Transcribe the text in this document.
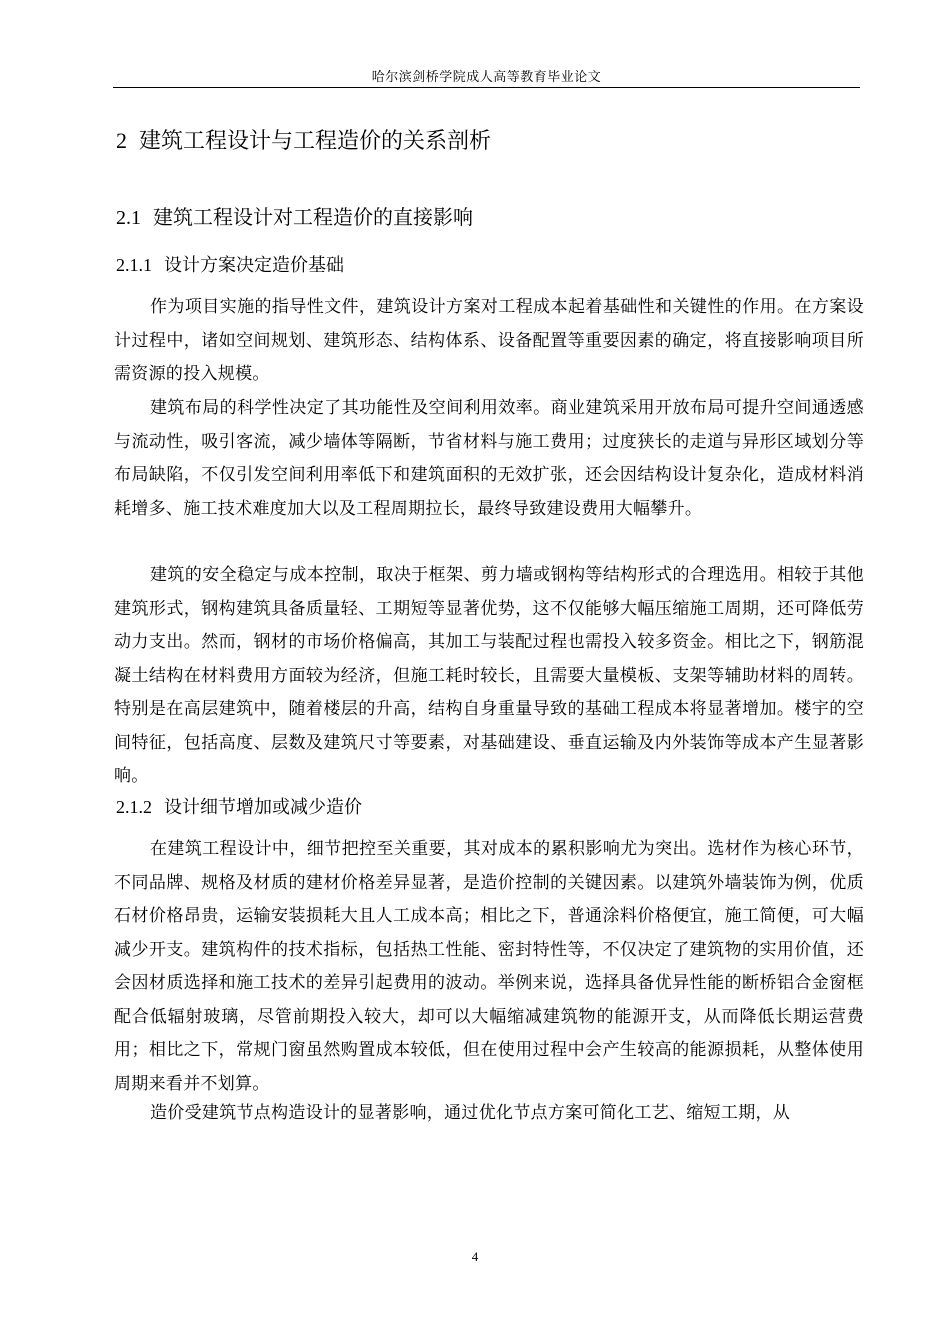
哈尔滨剑桥学院成人高等教育毕业论文
2 建筑工程设计与工程造价的关系剖析
2.1 建筑工程设计对工程造价的直接影响
2.1.1 设计方案决定造价基础

作为项目实施的指导性文件，建筑设计方案对工程成本起着基础性和关键性的作用。在方案设计过程中，诸如空间规划、建筑形态、结构体系、设备配置等重要因素的确定，将直接影响项目所需资源的投入规模。

建筑布局的科学性决定了其功能性及空间利用效率。商业建筑采用开放布局可提升空间通透感与流动性，吸引客流，减少墙体等隔断，节省材料与施工费用；过度狭长的走道与异形区域划分等布局缺陷，不仅引发空间利用率低下和建筑面积的无效扩张，还会因结构设计复杂化，造成材料消耗增多、施工技术难度加大以及工程周期拉长，最终导致建设费用大幅攀升。

建筑的安全稳定与成本控制，取决于框架、剪力墙或钢构等结构形式的合理选用。相较于其他建筑形式，钢构建筑具备质量轻、工期短等显著优势，这不仅能够大幅压缩施工周期，还可降低劳动力支出。然而，钢材的市场价格偏高，其加工与装配过程也需投入较多资金。相比之下，钢筋混凝土结构在材料费用方面较为经济，但施工耗时较长，且需要大量模板、支架等辅助材料的周转。特别是在高层建筑中，随着楼层的升高，结构自身重量导致的基础工程成本将显著增加。楼宇的空间特征，包括高度、层数及建筑尺寸等要素，对基础建设、垂直运输及内外装饰等成本产生显著影响。

2.1.2 设计细节增加或减少造价

在建筑工程设计中，细节把控至关重要，其对成本的累积影响尤为突出。选材作为核心环节，不同品牌、规格及材质的建材价格差异显著，是造价控制的关键因素。以建筑外墙装饰为例，优质石材价格昂贵，运输安装损耗大且人工成本高；相比之下，普通涂料价格便宜，施工简便，可大幅减少开支。建筑构件的技术指标，包括热工性能、密封特性等，不仅决定了建筑物的实用价值，还会因材质选择和施工技术的差异引起费用的波动。举例来说，选择具备优异性能的断桥铝合金窗框配合低辐射玻璃，尽管前期投入较大，却可以大幅缩减建筑物的能源开支，从而降低长期运营费用；相比之下，常规门窗虽然购置成本较低，但在使用过程中会产生较高的能源损耗，从整体使用周期来看并不划算。

造价受建筑节点构造设计的显著影响，通过优化节点方案可简化工艺、缩短工期，从

4
